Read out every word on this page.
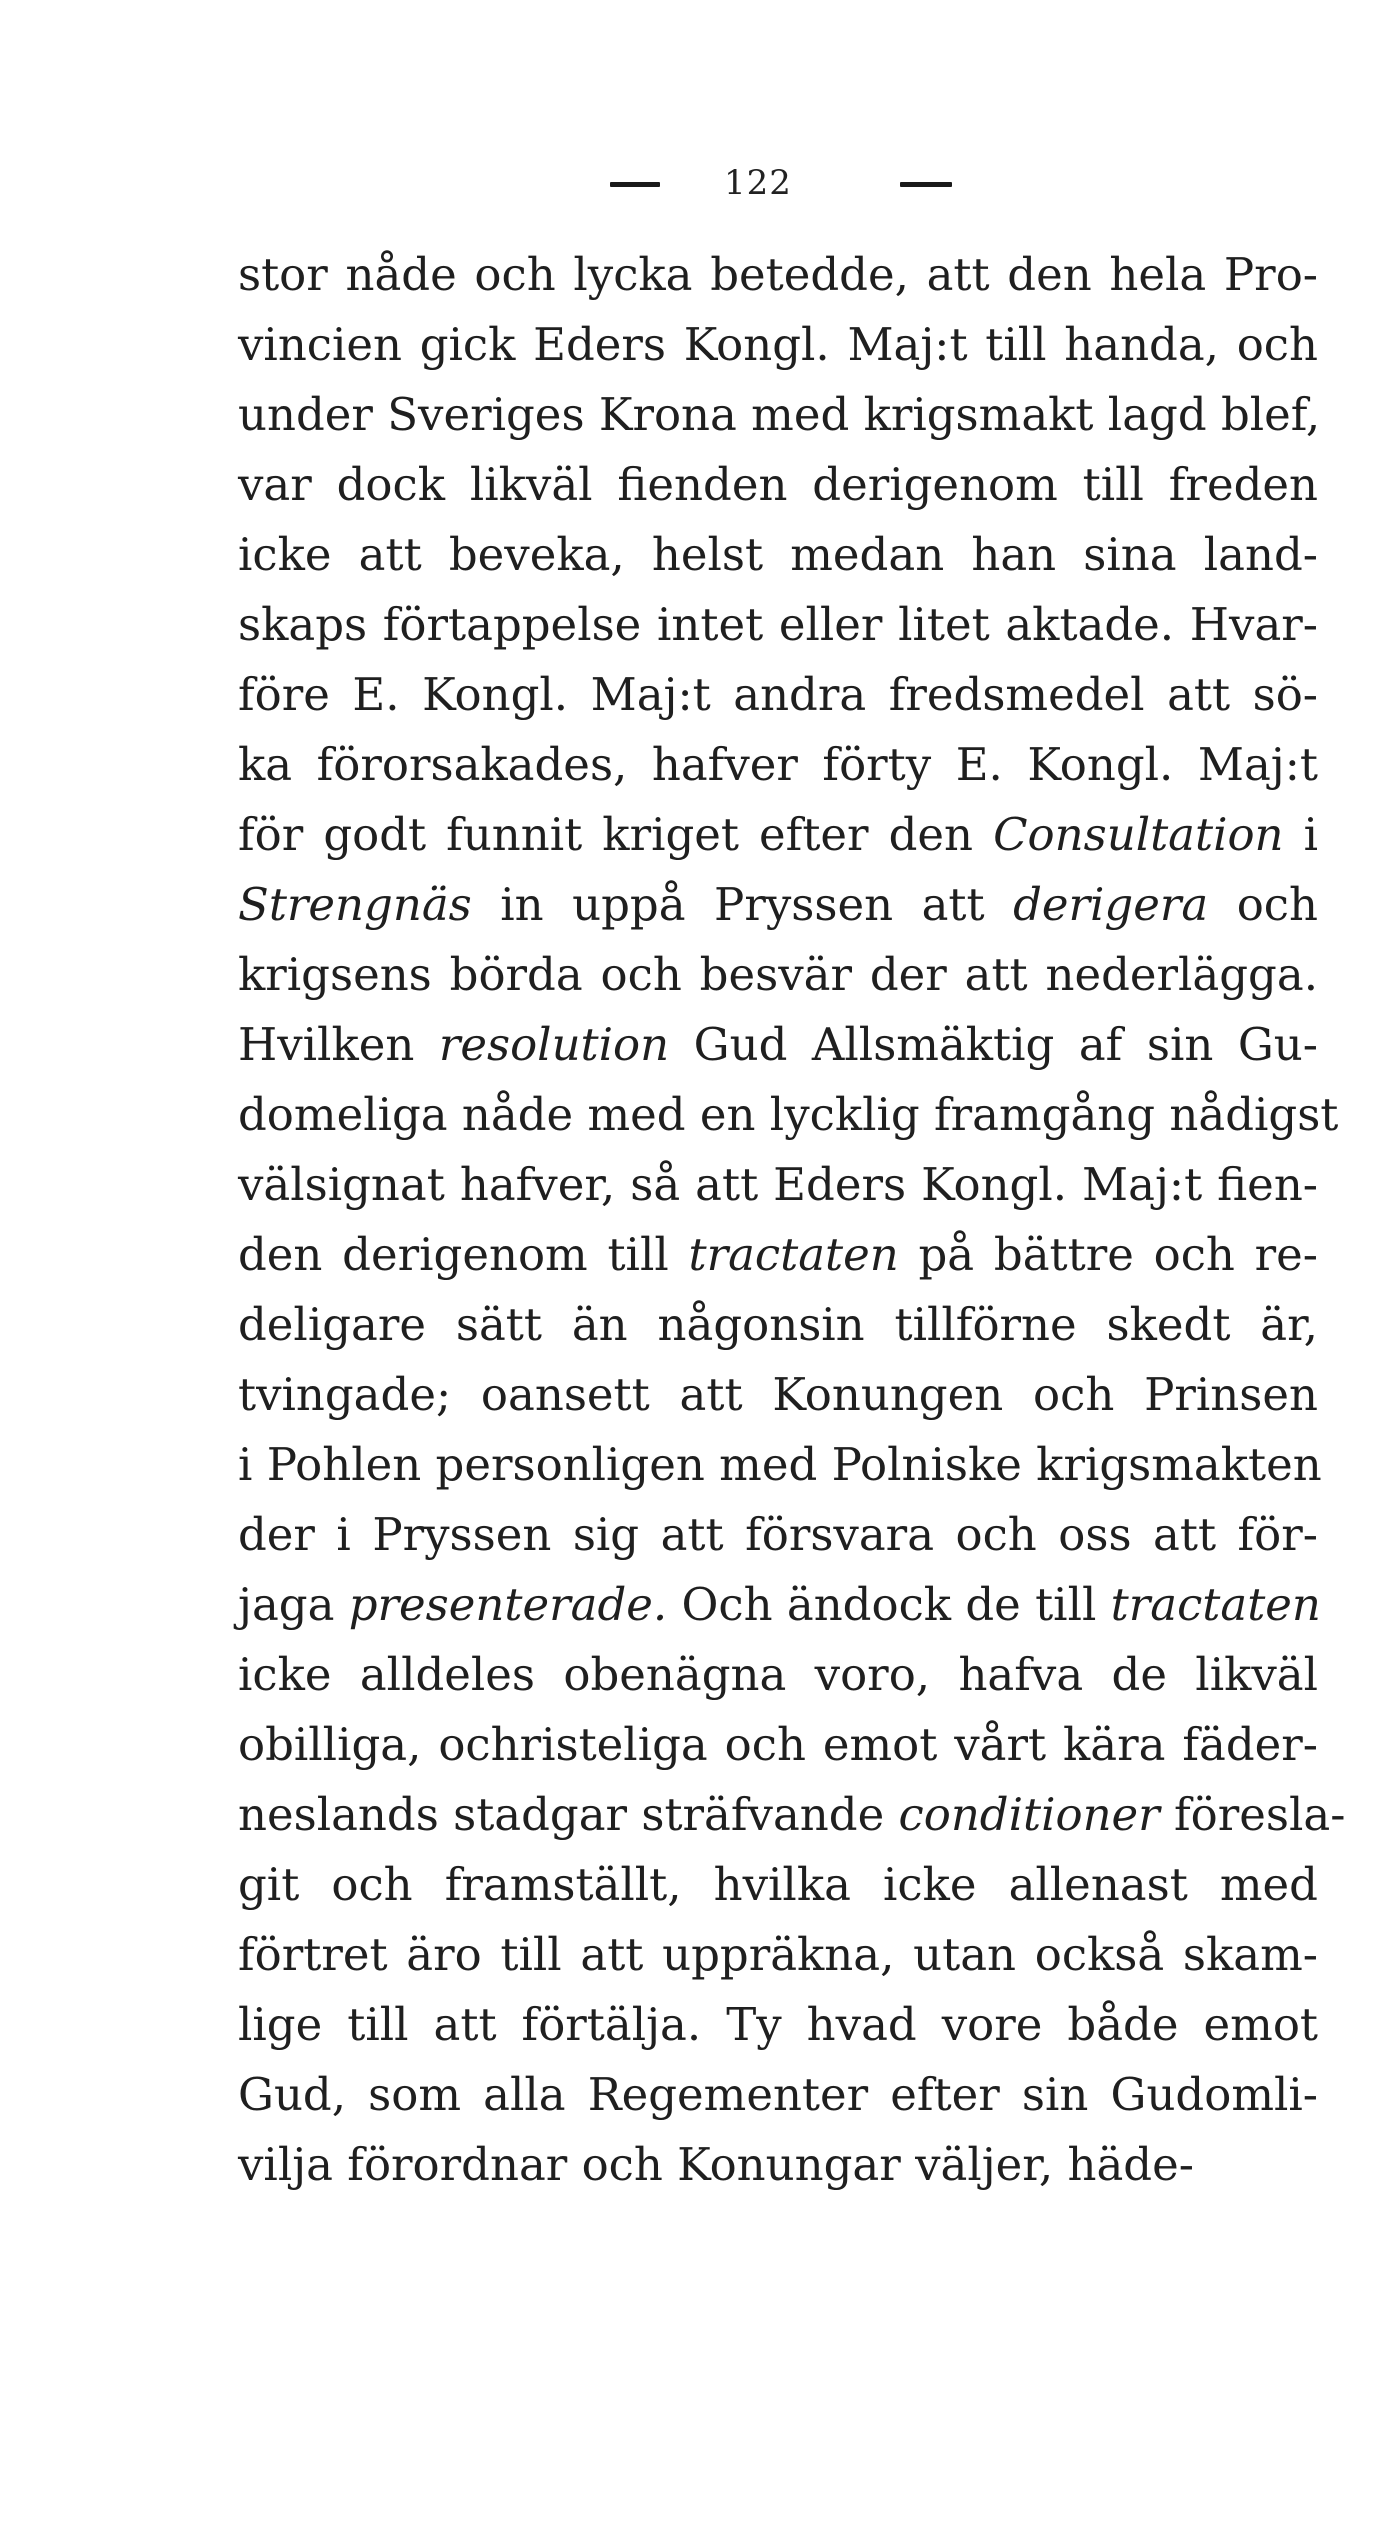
122
stor nåde och lycka betedde, att den hela Pro-
vincien gick Eders Kongl. Maj:t till handa, och
under Sveriges Krona med krigsmakt lagd blef,
var dock likväl fienden derigenom till freden
icke att beveka, helst medan han sina land-
skaps förtappelse intet eller litet aktade. Hvar-
före E. Kongl. Maj:t andra fredsmedel att sö-
ka förorsakades, hafver förty E. Kongl. Maj:t
för godt funnit kriget efter den Consultation i
Strengnäs in uppå Pryssen att derigera och
krigsens börda och besvär der att nederlägga.
Hvilken resolution Gud Allsmäktig af sin Gu-
domeliga nåde med en lycklig framgång nådigst
välsignat hafver, så att Eders Kongl. Maj:t fien-
den derigenom till tractaten på bättre och re-
deligare sätt än någonsin tillförne skedt är,
tvingade; oansett att Konungen och Prinsen
i Pohlen personligen med Polniske krigsmakten
der i Pryssen sig att försvara och oss att för-
jaga presenterade. Och ändock de till tractaten
icke alldeles obenägna voro, hafva de likväl
obilliga, ochristeliga och emot vårt kära fäder-
neslands stadgar sträfvande conditioner föresla-
git och framställt, hvilka icke allenast med
förtret äro till att uppräkna, utan också skam-
lige till att förtälja. Ty hvad vore både emot
Gud, som alla Regementer efter sin Gudomli-
vilja förordnar och Konungar väljer, häde-
